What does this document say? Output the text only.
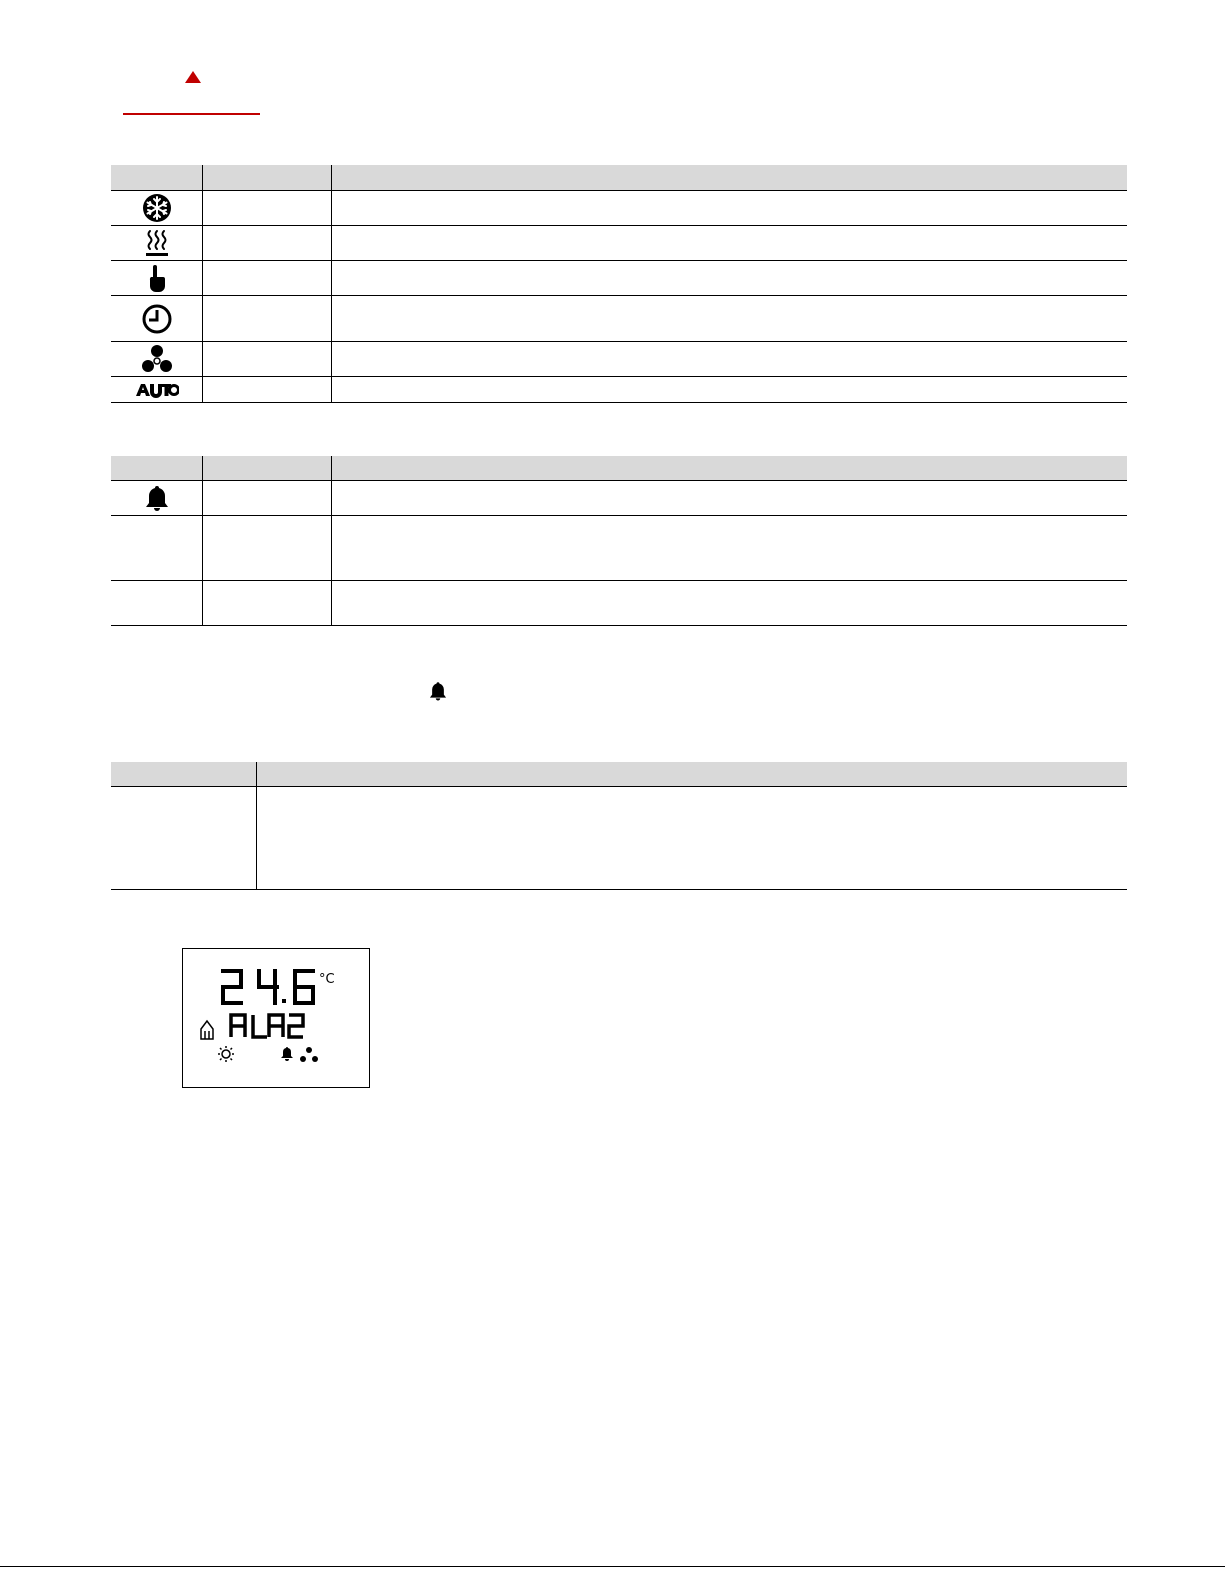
°C
